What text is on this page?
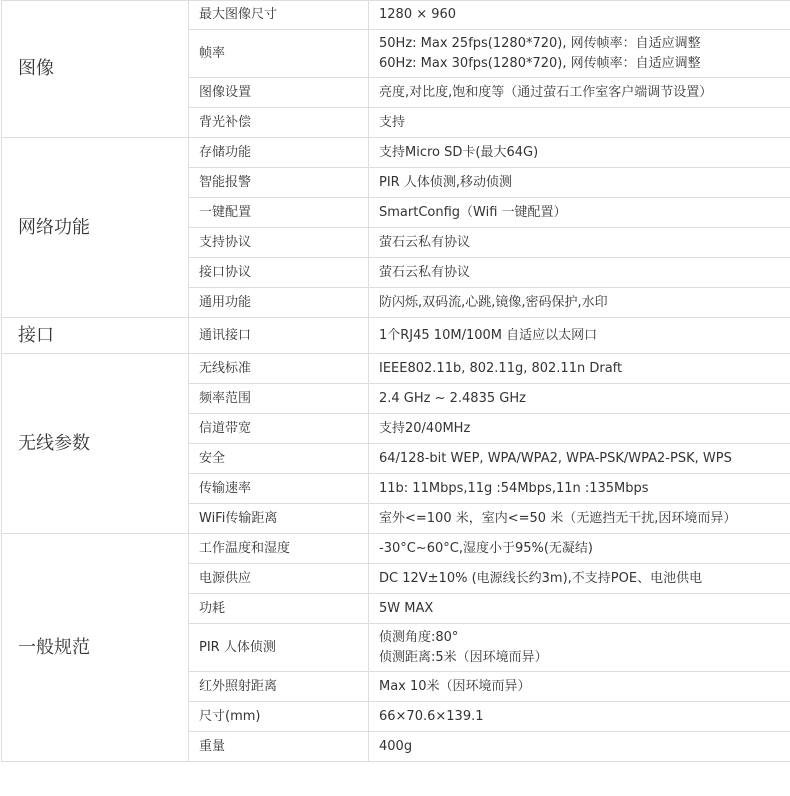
图像	最大图像尺寸	1280 × 960

	帧率	50Hz: Max 25fps(1280*720), 网传帧率：自适应调整
60Hz: Max 30fps(1280*720), 网传帧率：自适应调整

	图像设置	亮度,对比度,饱和度等（通过萤石工作室客户端调节设置）

	背光补偿	支持

网络功能	存储功能	支持Micro SD卡(最大64G)

	智能报警	PIR 人体侦测,移动侦测

	一键配置	SmartConfig（Wifi 一键配置）

	支持协议	萤石云私有协议

	接口协议	萤石云私有协议

	通用功能	防闪烁,双码流,心跳,镜像,密码保护,水印

接口	通讯接口	1个RJ45 10M/100M 自适应以太网口

无线参数	无线标准	IEEE802.11b, 802.11g, 802.11n Draft

	频率范围	2.4 GHz ~ 2.4835 GHz

	信道带宽	支持20/40MHz

	安全	64/128-bit WEP, WPA/WPA2, WPA-PSK/WPA2-PSK, WPS

	传输速率	11b: 11Mbps,11g :54Mbps,11n :135Mbps

	WiFi传输距离	室外<=100 米，室内<=50 米（无遮挡无干扰,因环境而异）

一般规范	工作温度和湿度	-30°C~60°C,湿度小于95%(无凝结)

	电源供应	DC 12V±10% (电源线长约3m),不支持POE、电池供电

	功耗	5W MAX

	PIR 人体侦测	侦测角度:80°
侦测距离:5米（因环境而异）

	红外照射距离	Max 10米（因环境而异）

	尺寸(mm)	66×70.6×139.1

	重量	400g
